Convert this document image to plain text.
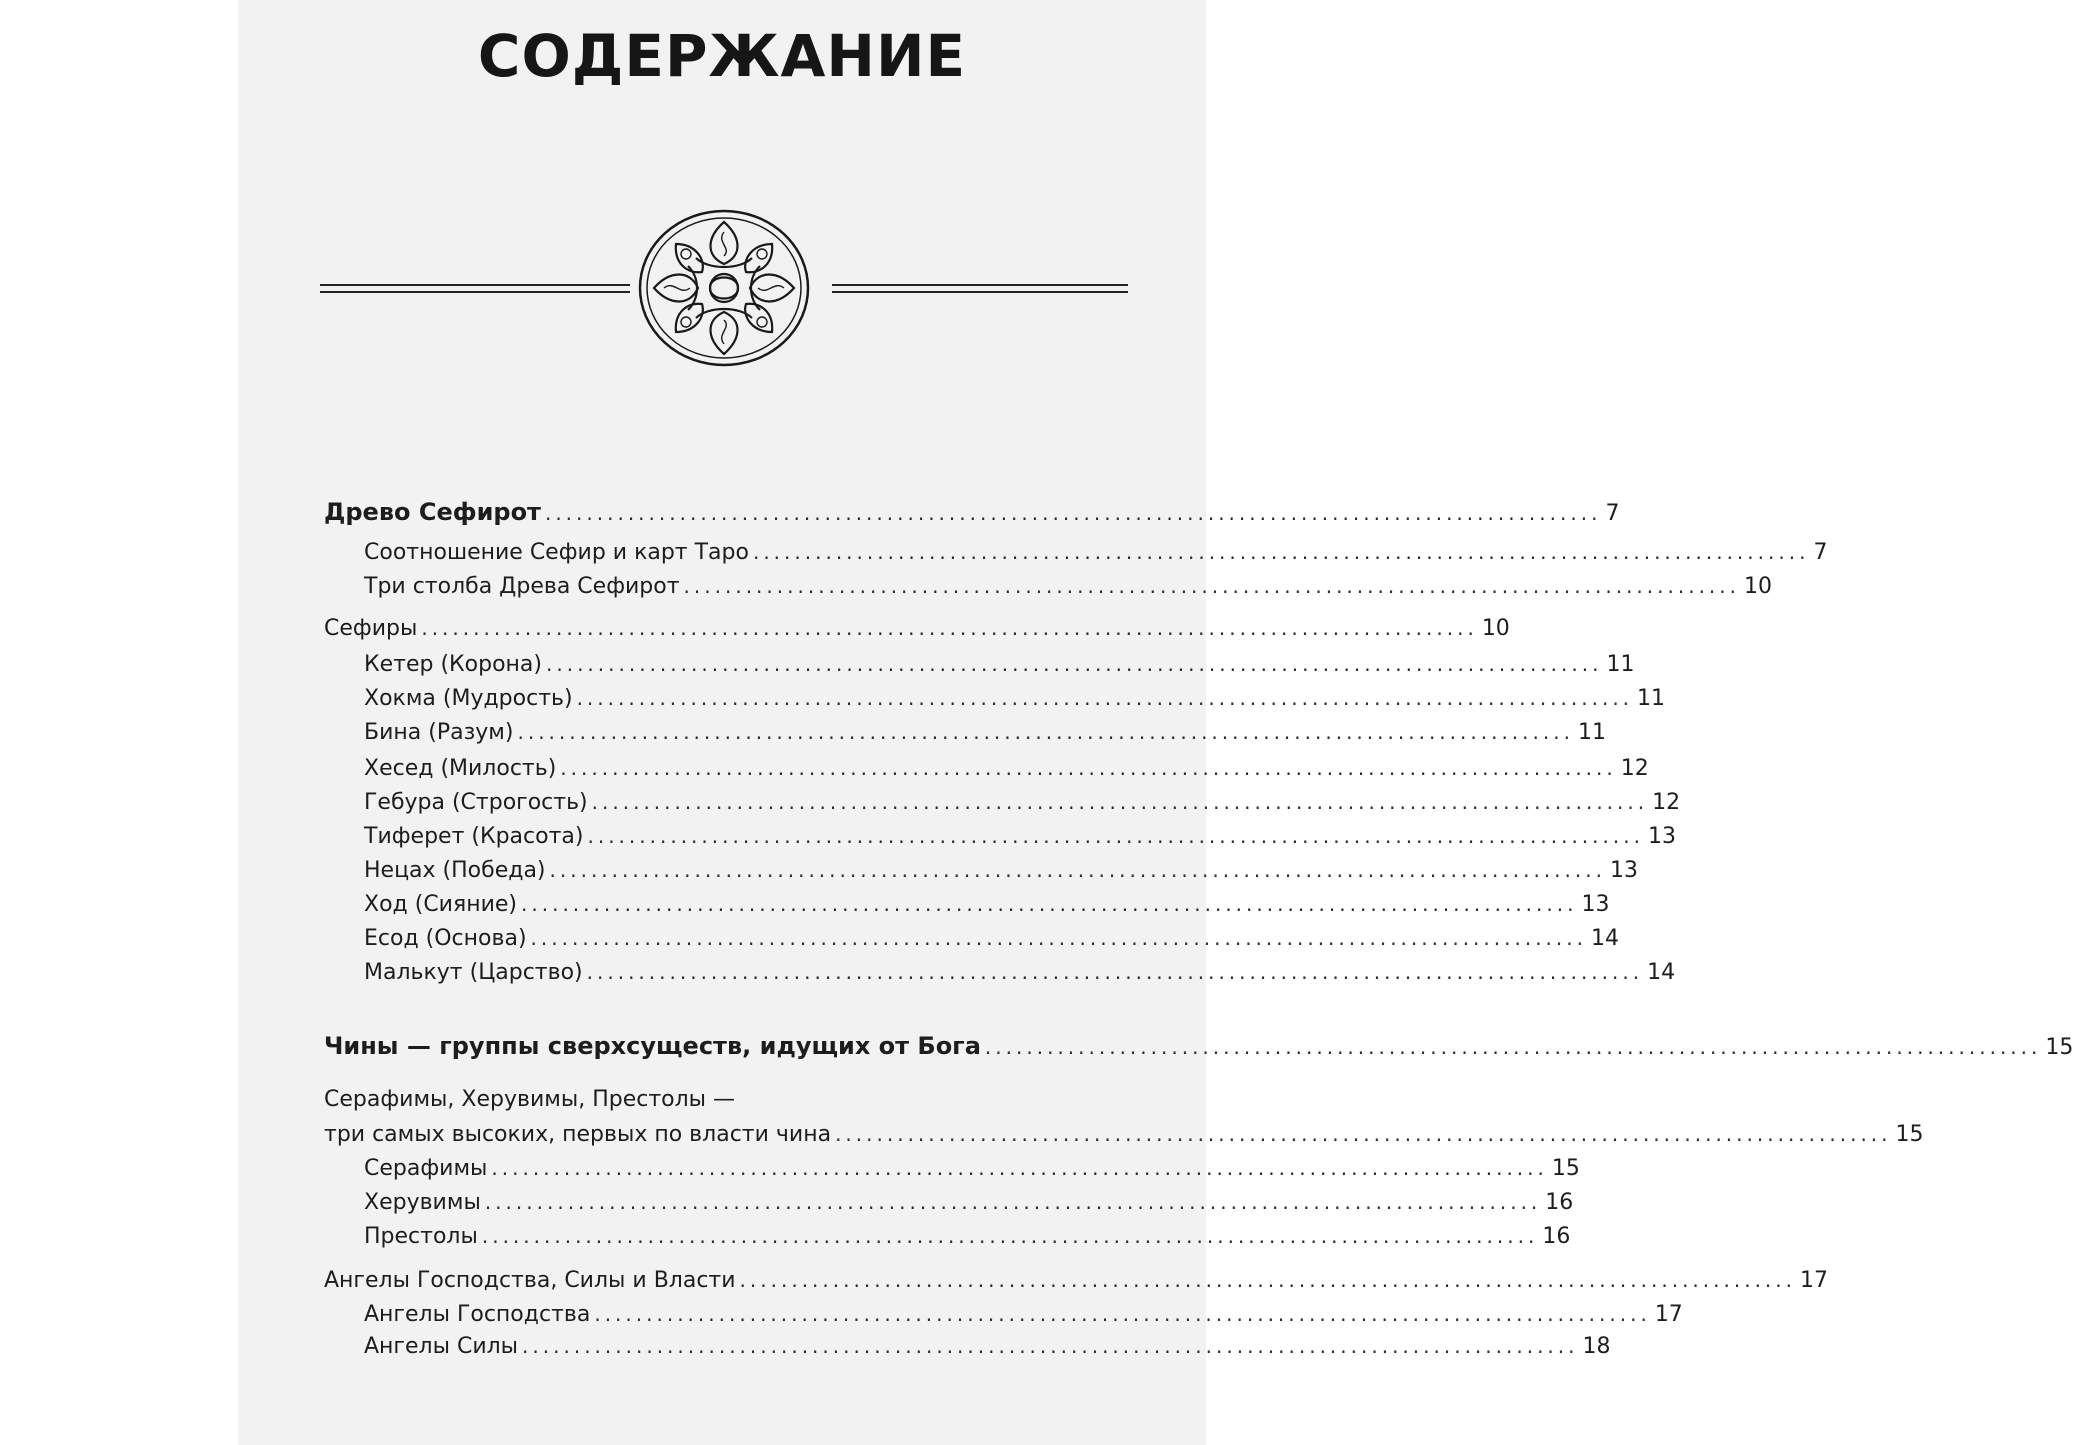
СОДЕРЖАНИЕ
Древо Сефирот ...................................................................................................... 7
Соотношение Сефир и карт Таро ...................................................................................................... 7
Три столба Древа Сефирот ...................................................................................................... 10
Сефиры ...................................................................................................... 10
Кетер (Корона) ...................................................................................................... 11
Хокма (Мудрость) ...................................................................................................... 11
Бина (Разум) ...................................................................................................... 11
Хесед (Милость) ...................................................................................................... 12
Гебура (Строгость) ...................................................................................................... 12
Тиферет (Красота) ...................................................................................................... 13
Нецах (Победа) ...................................................................................................... 13
Ход (Сияние) ...................................................................................................... 13
Есод (Основа) ...................................................................................................... 14
Малькут (Царство) ...................................................................................................... 14
Чины — группы сверхсуществ, идущих от Бога ...................................................................................................... 15
Серафимы, Херувимы, Престолы —
три самых высоких, первых по власти чина ...................................................................................................... 15
Серафимы ...................................................................................................... 15
Херувимы ...................................................................................................... 16
Престолы ...................................................................................................... 16
Ангелы Господства, Силы и Власти ...................................................................................................... 17
Ангелы Господства ...................................................................................................... 17
Ангелы Силы ...................................................................................................... 18
